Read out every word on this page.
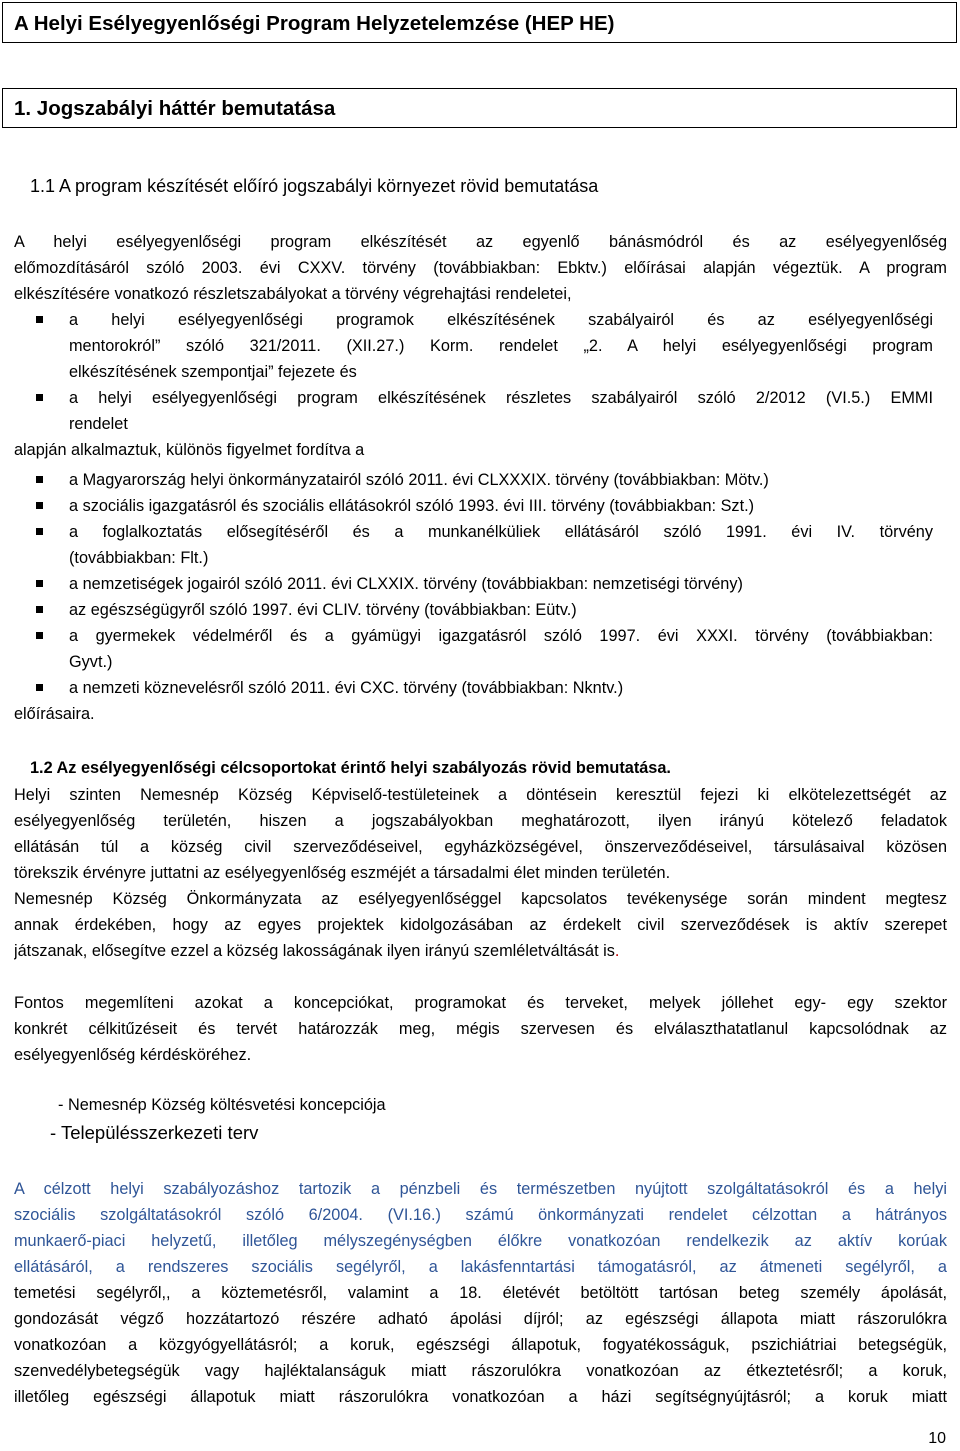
A Helyi Esélyegyenlőségi Program Helyzetelemzése (HEP HE)
1. Jogszabályi háttér bemutatása
1.1 A program készítését előíró jogszabályi környezet rövid bemutatása
A helyi esélyegyenlőségi program elkészítését az egyenlő bánásmódról és az esélyegyenlőség
előmozdításáról szóló 2003. évi CXXV. törvény (továbbiakban: Ebktv.) előírásai alapján végeztük. A program
elkészítésére vonatkozó részletszabályokat a törvény végrehajtási rendeletei,
a helyi esélyegyenlőségi programok elkészítésének szabályairól és az esélyegyenlőségi
mentorokról” szóló 321/2011. (XII.27.) Korm. rendelet „2. A helyi esélyegyenlőségi program
elkészítésének szempontjai” fejezete és
a helyi esélyegyenlőségi program elkészítésének részletes szabályairól szóló 2/2012 (VI.5.) EMMI
rendelet
alapján alkalmaztuk, különös figyelmet fordítva a
a Magyarország helyi önkormányzatairól szóló 2011. évi CLXXXIX. törvény (továbbiakban: Mötv.)
a szociális igazgatásról és szociális ellátásokról szóló 1993. évi III. törvény (továbbiakban: Szt.)
a foglalkoztatás elősegítéséről és a munkanélküliek ellátásáról szóló 1991. évi IV. törvény
(továbbiakban: Flt.)
a nemzetiségek jogairól szóló 2011. évi CLXXIX. törvény (továbbiakban: nemzetiségi törvény)
az egészségügyről szóló 1997. évi CLIV. törvény (továbbiakban: Eütv.)
a gyermekek védelméről és a gyámügyi igazgatásról szóló 1997. évi XXXI. törvény (továbbiakban:
Gyvt.)
a nemzeti köznevelésről szóló 2011. évi CXC. törvény (továbbiakban: Nkntv.)
előírásaira.
1.2 Az esélyegyenlőségi célcsoportokat érintő helyi szabályozás rövid bemutatása.
Helyi szinten Nemesnép Község Képviselő-testületeinek a döntésein keresztül fejezi ki elkötelezettségét az
esélyegyenlőség területén, hiszen a jogszabályokban meghatározott, ilyen irányú kötelező feladatok
ellátásán túl a község civil szerveződéseivel, egyházközségével, önszerveződéseivel, társulásaival közösen
törekszik érvényre juttatni az esélyegyenlőség eszméjét a társadalmi élet minden területén.
Nemesnép Község Önkormányzata az esélyegyenlőséggel kapcsolatos tevékenysége során mindent megtesz
annak érdekében, hogy az egyes projektek kidolgozásában az érdekelt civil szerveződések is aktív szerepet
játszanak, elősegítve ezzel a község lakosságának ilyen irányú szemléletváltását is.
Fontos megemlíteni azokat a koncepciókat, programokat és terveket, melyek jóllehet egy- egy szektor
konkrét célkitűzéseit és tervét határozzák meg, mégis szervesen és elválaszthatatlanul kapcsolódnak az
esélyegyenlőség kérdésköréhez.
- Nemesnép Község költésvetési koncepciója
- Településszerkezeti terv
A célzott helyi szabályozáshoz tartozik a pénzbeli és természetben nyújtott szolgáltatásokról és a helyi
szociális szolgáltatásokról szóló 6/2004. (VI.16.) számú önkormányzati rendelet célzottan a hátrányos
munkaerő-piaci helyzetű, illetőleg mélyszegénységben élőkre vonatkozóan rendelkezik az aktív korúak
ellátásáról, a rendszeres szociális segélyről, a lakásfenntartási támogatásról, az átmeneti segélyről, a
temetési segélyről,, a köztemetésről, valamint a 18. életévét betöltött tartósan beteg személy ápolását,
gondozását végző hozzátartozó részére adható ápolási díjról; az egészségi állapota miatt rászorulókra
vonatkozóan a közgyógyellátásról; a koruk, egészségi állapotuk, fogyatékosságuk, pszichiátriai betegségük,
szenvedélybetegségük vagy hajléktalanságuk miatt rászorulókra vonatkozóan az étkeztetésről; a koruk,
illetőleg egészségi állapotuk miatt rászorulókra vonatkozóan a házi segítségnyújtásról; a koruk miatt
10
